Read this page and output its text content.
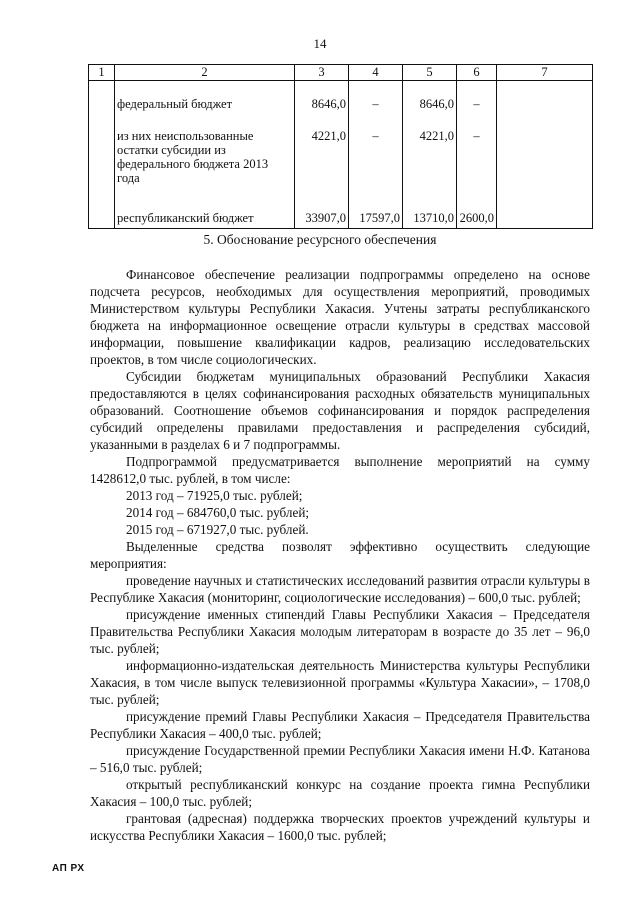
14
1	2	3	4	5	6	7
	федеральный бюджет	8646,0	–	8646,0	–	
	из них неиспользованные остатки субсидии из федерального бюджета 2013 года	4221,0	–	4221,0	–	
	республиканский бюджет	33907,0	17597,0	13710,0	2600,0	
5. Обоснование ресурсного обеспечения

Финансовое обеспечение реализации подпрограммы определено на основе подсчета ресурсов, необходимых для осуществления мероприятий, проводимых Министерством культуры Республики Хакасия. Учтены затраты республиканского бюджета на информационное освещение отрасли культуры в средствах массовой информации, повышение квалификации кадров, реализацию исследовательских проектов, в том числе социологических.

Субсидии бюджетам муниципальных образований Республики Хакасия предоставляются в целях софинансирования расходных обязательств муниципальных образований. Соотношение объемов софинансирования и порядок распределения субсидий определены правилами предоставления и распределения субсидий, указанными в разделах 6 и 7 подпрограммы.

Подпрограммой предусматривается выполнение мероприятий на сумму 1428612,0 тыс. рублей, в том числе:

2013 год – 71925,0 тыс. рублей;

2014 год – 684760,0 тыс. рублей;

2015 год – 671927,0 тыс. рублей.

Выделенные средства позволят эффективно осуществить следующие мероприятия:

проведение научных и статистических исследований развития отрасли культуры в Республике Хакасия (мониторинг, социологические исследования) – 600,0 тыс. рублей;

присуждение именных стипендий Главы Республики Хакасия – Председателя Правительства Республики Хакасия молодым литераторам в возрасте до 35 лет – 96,0 тыс. рублей;

информационно-издательская деятельность Министерства культуры Республики Хакасия, в том числе выпуск телевизионной программы «Культура Хакасии», – 1708,0 тыс. рублей;

присуждение премий Главы Республики Хакасия – Председателя Правительства Республики Хакасия – 400,0 тыс. рублей;

присуждение Государственной премии Республики Хакасия имени Н.Ф. Катанова – 516,0 тыс. рублей;

открытый республиканский конкурс на создание проекта гимна Республики Хакасия – 100,0 тыс. рублей;

грантовая (адресная) поддержка творческих проектов учреждений культуры и искусства Республики Хакасия – 1600,0 тыс. рублей;

АП РХ
